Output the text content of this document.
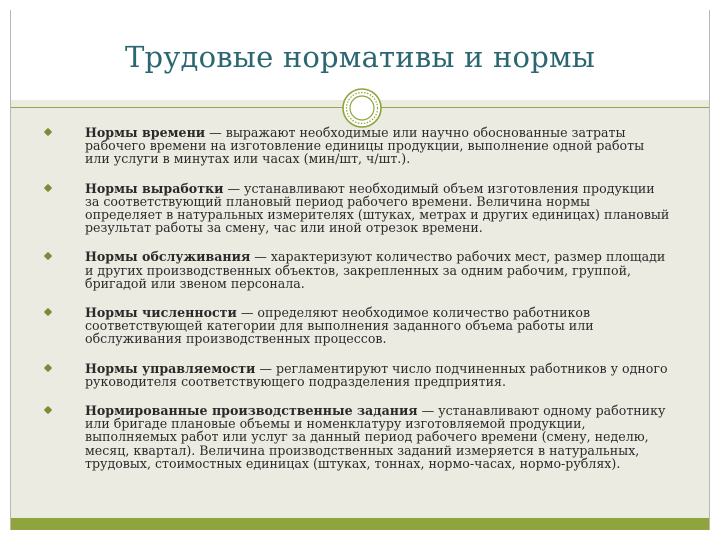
Трудовые нормативы и нормы
Нормы времени — выражают необходимые или научно обоснованные затраты рабочего времени на изготовление единицы продукции, выполнение одной работы или услуги в минутах или часах (мин/шт, ч/шт.).
Нормы выработки — устанавливают необходимый объем изготовления продукции за соответствующий плановый период рабочего времени. Величина нормы определяет в натуральных измерителях (штуках, метрах и других единицах) плановый результат работы за смену, час или иной отрезок времени.
Нормы обслуживания — характеризуют количество рабочих мест, размер площади и других производственных объектов, закрепленных за одним рабочим, группой, бригадой или звеном персонала.
Нормы численности — определяют необходимое количество работников соответствующей категории для выполнения заданного объема работы или обслуживания производственных процессов.
Нормы управляемости — регламентируют число подчиненных работников у одного руководителя соответствующего подразделения предприятия.
Нормированные производственные задания — устанавливают одному работнику или бригаде плановые объемы и номенклатуру изготовляемой продукции, выполняемых работ или услуг за данный период рабочего времени (смену, неделю, месяц, квартал). Величина производственных заданий измеряется в натуральных, трудовых, стоимостных единицах (штуках, тоннах, нормо-часах, нормо-рублях).
